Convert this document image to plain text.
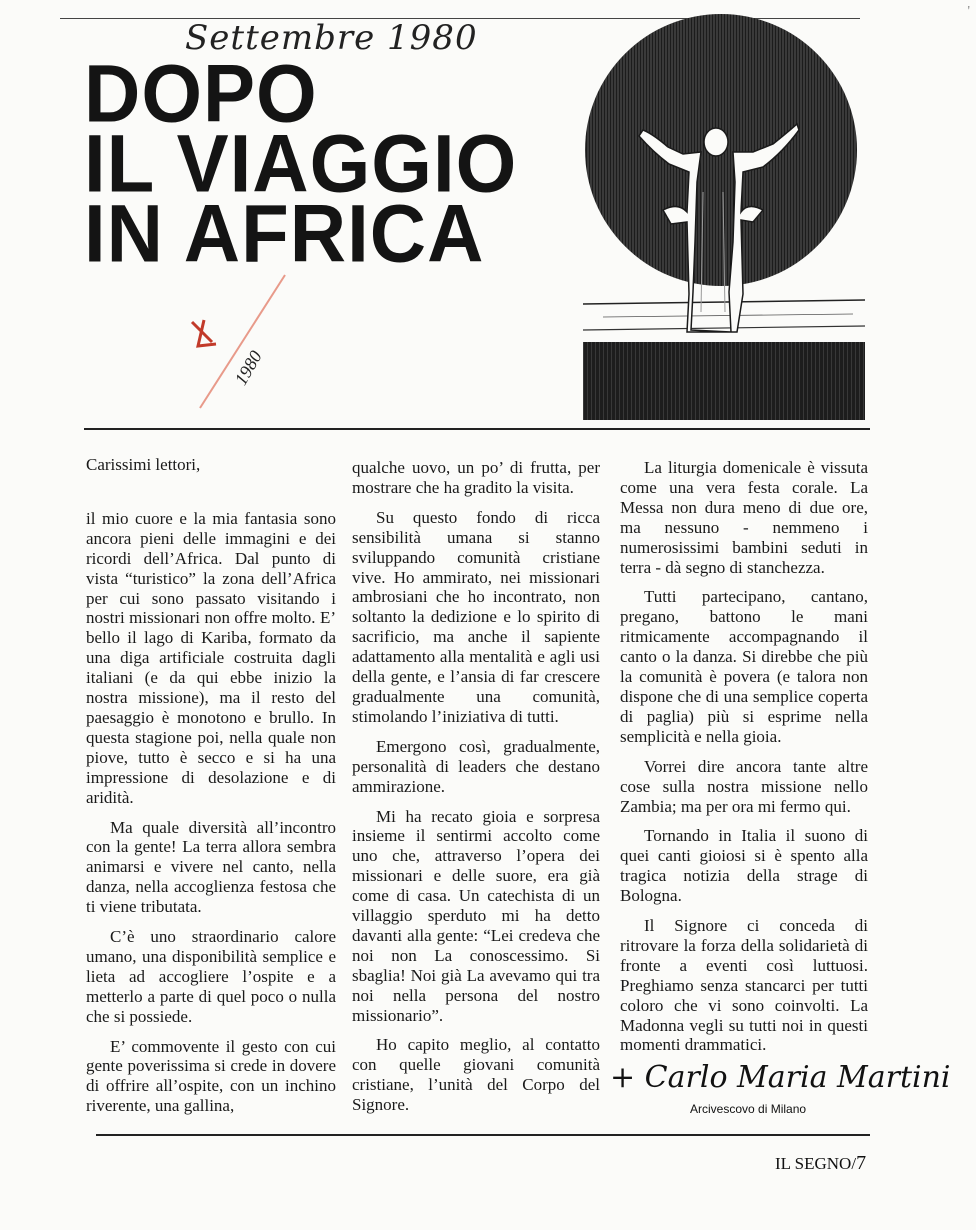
'
Settembre 1980
DOPO
IL VIAGGIO
IN AFRICA
1980

Carissimi lettori,

il mio cuore e la mia fantasia sono ancora pieni delle immagini e dei ricordi dell’Africa. Dal punto di vista “turistico” la zona dell’Africa per cui sono passato visitando i nostri missionari non offre molto. E’ bello il lago di Kariba, formato da una diga artificiale costruita dagli italiani (e da qui ebbe inizio la nostra missione), ma il resto del paesaggio è monotono e brullo. In questa stagione poi, nella quale non piove, tutto è secco e si ha una impressione di desolazione e di aridità.

Ma quale diversità all’incontro con la gente! La terra allora sembra animarsi e vivere nel canto, nella danza, nella accoglienza festosa che ti viene tributata.

C’è uno straordinario calore umano, una disponibilità semplice e lieta ad accogliere l’ospite e a metterlo a parte di quel poco o nulla che si possiede.

E’ commovente il gesto con cui gente poverissima si crede in dovere di offrire all’ospite, con un inchino riverente, una gallina,

qualche uovo, un po’ di frutta, per mostrare che ha gradito la visita.

Su questo fondo di ricca sensibilità umana si stanno sviluppando comunità cristiane vive. Ho ammirato, nei missionari ambrosiani che ho incontrato, non soltanto la dedizione e lo spirito di sacrificio, ma anche il sapiente adattamento alla mentalità e agli usi della gente, e l’ansia di far crescere gradualmente una comunità, stimolando l’iniziativa di tutti.

Emergono così, gradualmente, personalità di leaders che destano ammirazione.

Mi ha recato gioia e sorpresa insieme il sentirmi accolto come uno che, attraverso l’opera dei missionari e delle suore, era già come di casa. Un catechista di un villaggio sperduto mi ha detto davanti alla gente: “Lei credeva che noi non La conoscessimo. Si sbaglia! Noi già La avevamo qui tra noi nella persona del nostro missionario”.

Ho capito meglio, al contatto con quelle giovani comunità cristiane, l’unità del Corpo del Signore.

La liturgia domenicale è vissuta come una vera festa corale. La Messa non dura meno di due ore, ma nessuno - nemmeno i numerosissimi bambini seduti in terra - dà segno di stanchezza.

Tutti partecipano, cantano, pregano, battono le mani ritmicamente accompagnando il canto o la danza. Si direbbe che più la comunità è povera (e talora non dispone che di una semplice coperta di paglia) più si esprime nella semplicità e nella gioia.

Vorrei dire ancora tante altre cose sulla nostra missione nello Zambia; ma per ora mi fermo qui.

Tornando in Italia il suono di quei canti gioiosi si è spento alla tragica notizia della strage di Bologna.

Il Signore ci conceda di ritrovare la forza della solidarietà di fronte a eventi così luttuosi. Preghiamo senza stancarci per tutti coloro che vi sono coinvolti. La Madonna vegli su tutti noi in questi momenti drammatici.

+ Carlo Maria Martini
Arcivescovo di Milano
IL SEGNO/7
